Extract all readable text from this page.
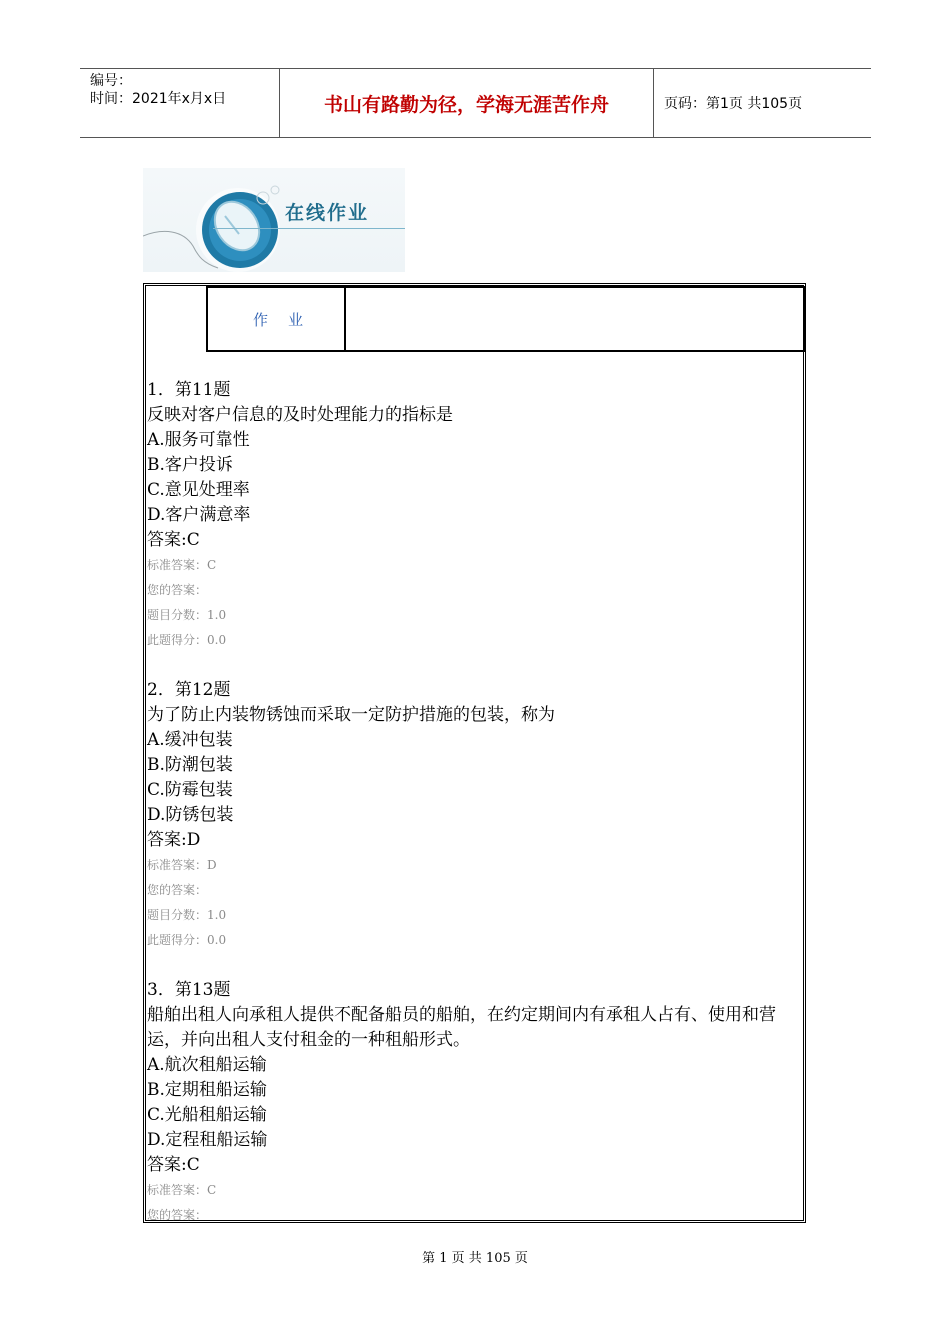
编号：
时间：2021年x月x日	书山有路勤为径，学海无涯苦作舟	页码：第1页 共105页
在线作业
作业
1．第11题
反映对客户信息的及时处理能力的指标是
A.服务可靠性
B.客户投诉
C.意见处理率
D.客户满意率
答案:C
标准答案：C
您的答案：
题目分数：1.0
此题得分：0.0
2．第12题
为了防止内装物锈蚀而采取一定防护措施的包装，称为
A.缓冲包装
B.防潮包装
C.防霉包装
D.防锈包装
答案:D
标准答案：D
您的答案：
题目分数：1.0
此题得分：0.0
3．第13题
船舶出租人向承租人提供不配备船员的船舶，在约定期间内有承租人占有、使用和营运，并向出租人支付租金的一种租船形式。
A.航次租船运输
B.定期租船运输
C.光船租船运输
D.定程租船运输
答案:C
标准答案：C
您的答案：
第 1 页 共 105 页
